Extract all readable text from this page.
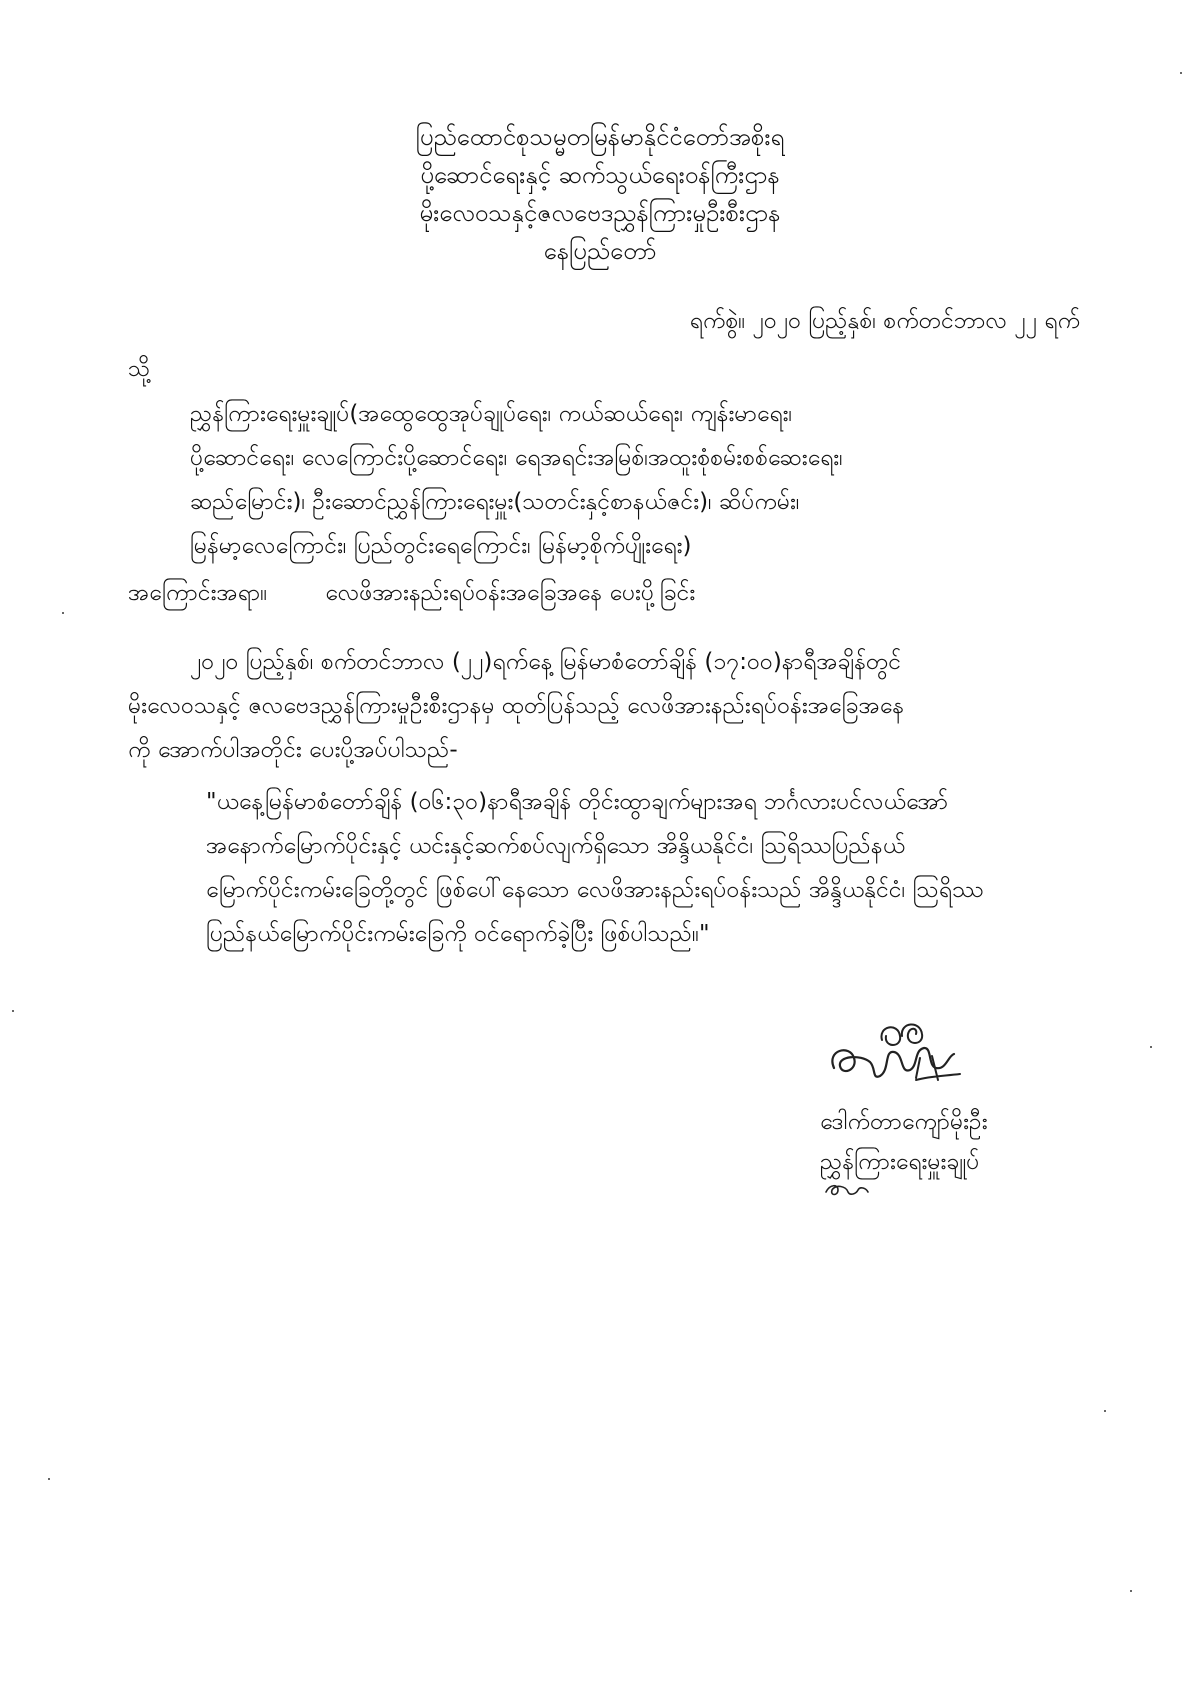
ပြည်ထောင်စုသမ္မတမြန်မာနိုင်ငံတော်အစိုးရ
ပို့ဆောင်ရေးနှင့် ဆက်သွယ်ရေးဝန်ကြီးဌာန
မိုးလေဝသနှင့်ဇလဗေဒညွှန်ကြားမှုဦးစီးဌာန
နေပြည်တော်
ရက်စွဲ။ ၂၀၂၀ ပြည့်နှစ်၊ စက်တင်ဘာလ ၂၂ ရက်
သို့
ညွှန်ကြားရေးမှူးချုပ်(အထွေထွေအုပ်ချုပ်ရေး၊ ကယ်ဆယ်ရေး၊ ကျန်းမာရေး၊
ပို့ဆောင်ရေး၊ လေကြောင်းပို့ဆောင်ရေး၊ ရေအရင်းအမြစ်၊အထူးစုံစမ်းစစ်ဆေးရေး၊
ဆည်မြောင်း)၊ ဦးဆောင်ညွှန်ကြားရေးမှူး(သတင်းနှင့်စာနယ်ဇင်း)၊ ဆိပ်ကမ်း၊
မြန်မာ့လေကြောင်း၊ ပြည်တွင်းရေကြောင်း၊ မြန်မာ့စိုက်ပျိုးရေး)
အကြောင်းအရာ။	လေဖိအားနည်းရပ်ဝန်းအခြေအနေ ပေးပို့ခြင်း
၂၀၂၀ ပြည့်နှစ်၊ စက်တင်ဘာလ (၂၂)ရက်နေ့ မြန်မာစံတော်ချိန် (၁၇:၀၀)နာရီအချိန်တွင်
မိုးလေဝသနှင့် ဇလဗေဒညွှန်ကြားမှုဦးစီးဌာနမှ ထုတ်ပြန်သည့် လေဖိအားနည်းရပ်ဝန်းအခြေအနေ
ကို အောက်ပါအတိုင်း ပေးပို့အပ်ပါသည်-
"ယနေ့မြန်မာစံတော်ချိန် (၀၆:၃၀)နာရီအချိန် တိုင်းထွာချက်များအရ ဘင်္ဂလားပင်လယ်အော်
အနောက်မြောက်ပိုင်းနှင့် ယင်းနှင့်ဆက်စပ်လျက်ရှိသော အိန္ဒိယနိုင်ငံ၊ ဩရိဿပြည်နယ်
မြောက်ပိုင်းကမ်းခြေတို့တွင် ဖြစ်ပေါ်နေသော လေဖိအားနည်းရပ်ဝန်းသည် အိန္ဒိယနိုင်ငံ၊ ဩရိဿ
ပြည်နယ်မြောက်ပိုင်းကမ်းခြေကို ဝင်ရောက်ခဲ့ပြီး ဖြစ်ပါသည်။"
ဒေါက်တာကျော်မိုးဦး
ညွှန်ကြားရေးမှူးချုပ်
